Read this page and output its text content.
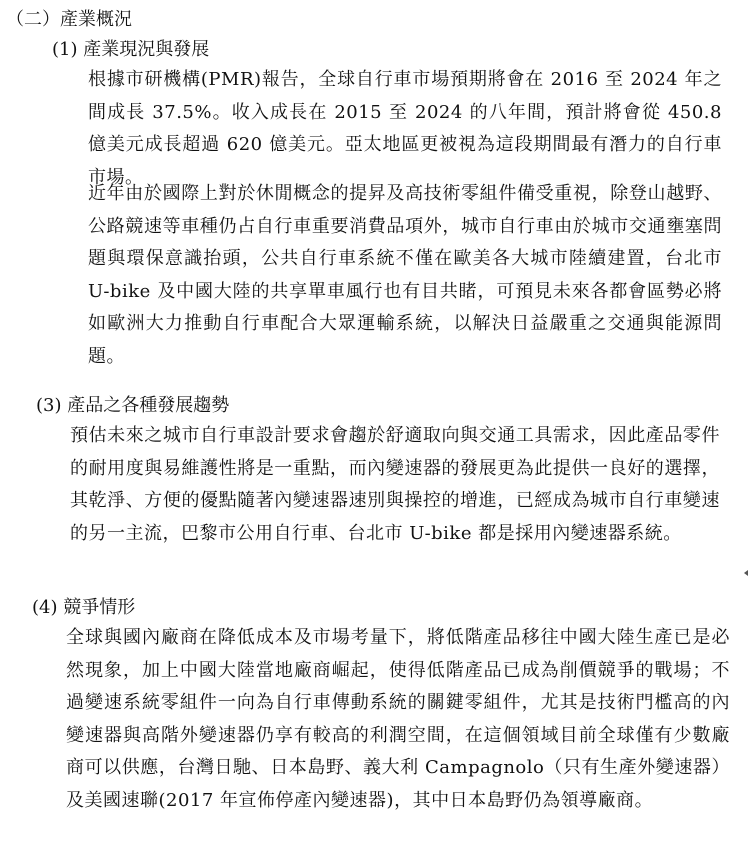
（二）產業概況
(1) 產業現況與發展

根據市研機構(PMR)報告，全球自行車市場預期將會在 2016 至 2024 年之間成長 37.5%。收入成長在 2015 至 2024 的八年間，預計將會從 450.8 億美元成長超過 620 億美元。亞太地區更被視為這段期間最有潛力的自行車市場。

近年由於國際上對於休閒概念的提昇及高技術零組件備受重視，除登山越野、公路競速等車種仍占自行車重要消費品項外，城市自行車由於城市交通壅塞問題與環保意識抬頭，公共自行車系統不僅在歐美各大城市陸續建置，台北市 U-bike 及中國大陸的共享單車風行也有目共睹，可預見未來各都會區勢必將如歐洲大力推動自行車配合大眾運輸系統，以解決日益嚴重之交通與能源問題。

(3) 產品之各種發展趨勢

預估未來之城市自行車設計要求會趨於舒適取向與交通工具需求，因此產品零件的耐用度與易維護性將是一重點，而內變速器的發展更為此提供一良好的選擇，其乾淨、方便的優點隨著內變速器速別與操控的增進，已經成為城市自行車變速的另一主流，巴黎市公用自行車、台北市 U-bike 都是採用內變速器系統。

(4) 競爭情形

全球與國內廠商在降低成本及市場考量下，將低階產品移往中國大陸生產已是必然現象，加上中國大陸當地廠商崛起，使得低階產品已成為削價競爭的戰場；不過變速系統零組件一向為自行車傳動系統的關鍵零組件，尤其是技術門檻高的內變速器與高階外變速器仍享有較高的利潤空間，在這個領域目前全球僅有少數廠商可以供應，台灣日馳、日本島野、義大利 Campagnolo（只有生產外變速器）及美國速聯(2017 年宣佈停產內變速器)，其中日本島野仍為領導廠商。
